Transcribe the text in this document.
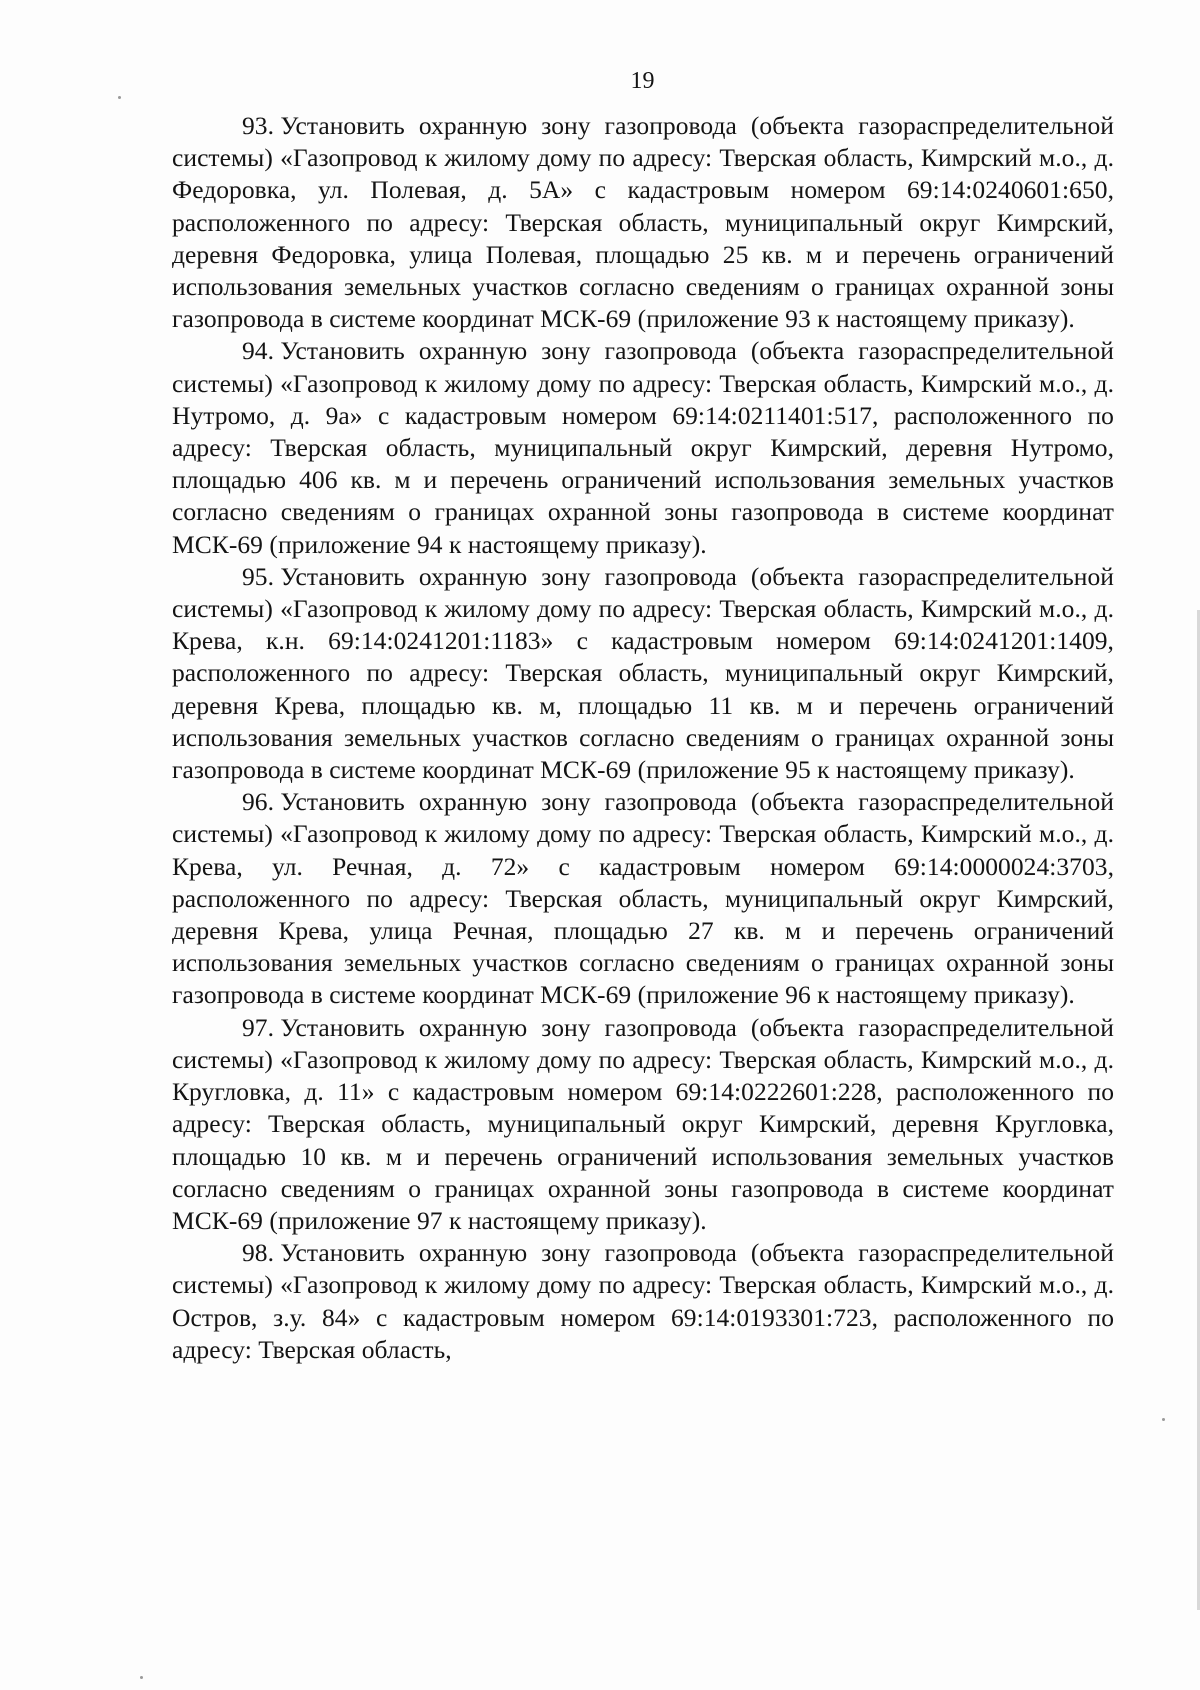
19

93. Установить охранную зону газопровода (объекта газораспределительной системы) «Газопровод к жилому дому по адресу: Тверская область, Кимрский м.о., д. Федоровка, ул. Полевая, д. 5А» с кадастровым номером 69:14:0240601:650, расположенного по адресу: Тверская область, муниципальный округ Кимрский, деревня Федоровка, улица Полевая, площадью 25 кв. м и перечень ограничений использования земельных участков согласно сведениям о границах охранной зоны газопровода в системе координат МСК-69 (приложение 93 к настоящему приказу).

94. Установить охранную зону газопровода (объекта газораспределительной системы) «Газопровод к жилому дому по адресу: Тверская область, Кимрский м.о., д. Нутромо, д. 9а» с кадастровым номером 69:14:0211401:517, расположенного по адресу: Тверская область, муниципальный округ Кимрский, деревня Нутромо, площадью 406 кв. м и перечень ограничений использования земельных участков согласно сведениям о границах охранной зоны газопровода в системе координат МСК-69 (приложение 94 к настоящему приказу).

95. Установить охранную зону газопровода (объекта газораспределительной системы) «Газопровод к жилому дому по адресу: Тверская область, Кимрский м.о., д. Крева, к.н. 69:14:0241201:1183» с кадастровым номером 69:14:0241201:1409, расположенного по адресу: Тверская область, муниципальный округ Кимрский, деревня Крева, площадью кв. м, площадью 11 кв. м и перечень ограничений использования земельных участков согласно сведениям о границах охранной зоны газопровода в системе координат МСК-69 (приложение 95 к настоящему приказу).

96. Установить охранную зону газопровода (объекта газораспределительной системы) «Газопровод к жилому дому по адресу: Тверская область, Кимрский м.о., д. Крева, ул. Речная, д. 72» с кадастровым номером 69:14:0000024:3703, расположенного по адресу: Тверская область, муниципальный округ Кимрский, деревня Крева, улица Речная, площадью 27 кв. м и перечень ограничений использования земельных участков согласно сведениям о границах охранной зоны газопровода в системе координат МСК-69 (приложение 96 к настоящему приказу).

97. Установить охранную зону газопровода (объекта газораспределительной системы) «Газопровод к жилому дому по адресу: Тверская область, Кимрский м.о., д. Кругловка, д. 11» с кадастровым номером 69:14:0222601:228, расположенного по адресу: Тверская область, муниципальный округ Кимрский, деревня Кругловка, площадью 10 кв. м и перечень ограничений использования земельных участков согласно сведениям о границах охранной зоны газопровода в системе координат МСК-69 (приложение 97 к настоящему приказу).

98. Установить охранную зону газопровода (объекта газораспределительной системы) «Газопровод к жилому дому по адресу: Тверская область, Кимрский м.о., д. Остров, з.у. 84» с кадастровым номером 69:14:0193301:723, расположенного по адресу: Тверская область,
